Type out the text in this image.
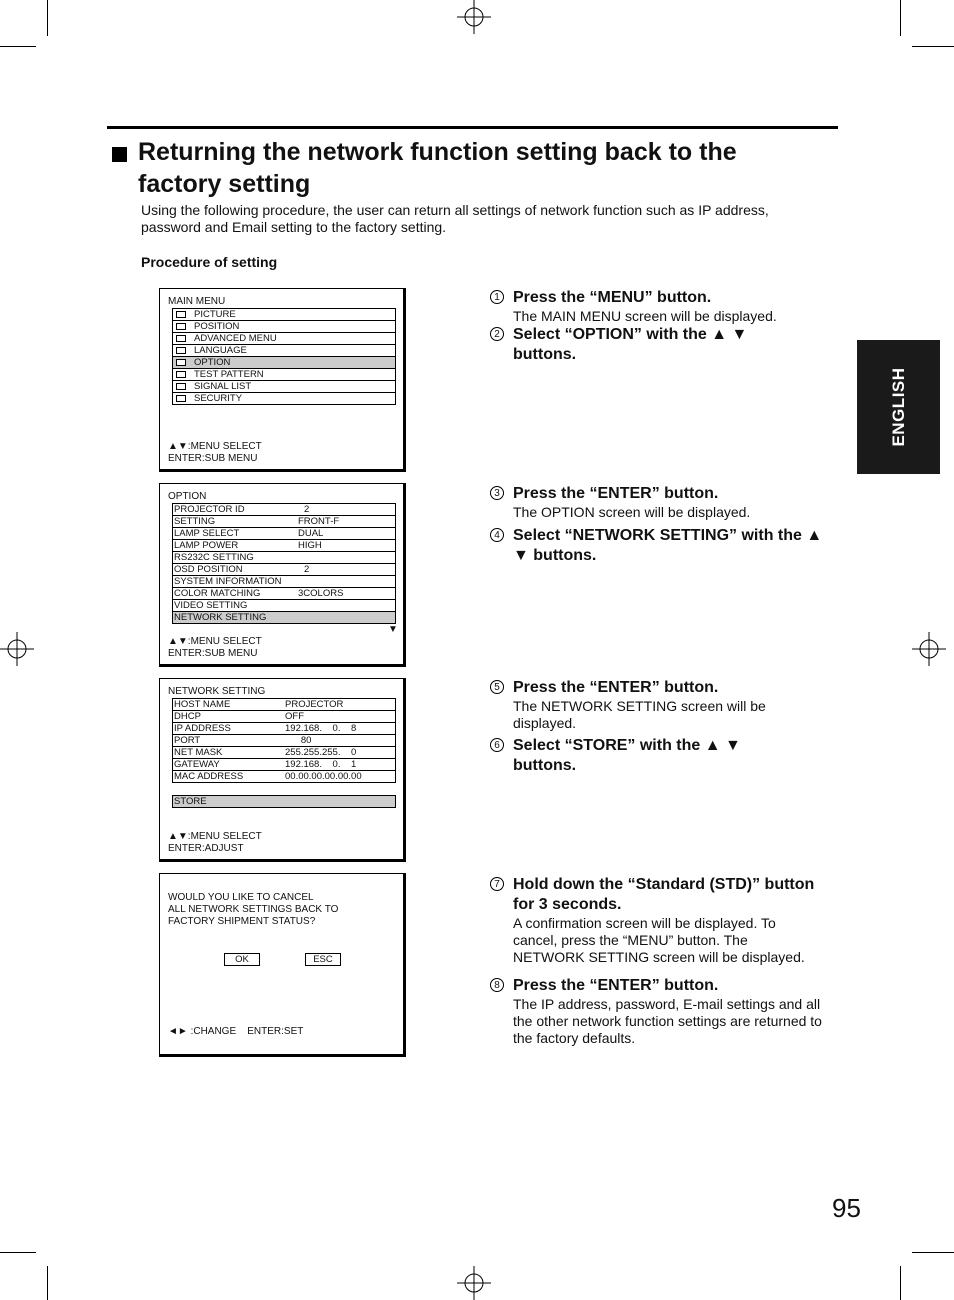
Returning the network function setting back to the
factory setting
Using the following procedure, the user can return all settings of network function such as IP address, password and Email setting to the factory setting.
Procedure of setting
ENGLISH
MAIN MENU
PICTURE
POSITION
ADVANCED MENU
LANGUAGE
OPTION
TEST PATTERN
SIGNAL LIST
SECURITY
▲▼:MENU SELECT
ENTER:SUB MENU
OPTION
PROJECTOR ID	2
SETTING	FRONT-F
LAMP SELECT	DUAL
LAMP POWER	HIGH
RS232C SETTING
OSD POSITION	2
SYSTEM INFORMATION
COLOR MATCHING	3COLORS
VIDEO SETTING
NETWORK SETTING
▼
▲▼:MENU SELECT
ENTER:SUB MENU
NETWORK SETTING
HOST NAME	PROJECTOR
DHCP	OFF
IP ADDRESS	192.168.    0.    8
PORT	80
NET MASK	255.255.255.    0
GATEWAY	192.168.    0.    1
MAC ADDRESS	00.00.00.00.00.00
STORE
▲▼:MENU SELECT
ENTER:ADJUST
WOULD YOU LIKE TO CANCEL
ALL NETWORK SETTINGS BACK TO
FACTORY SHIPMENT STATUS?
OK	ESC
◄► :CHANGE    ENTER:SET
1 Press the “MENU” button.
The MAIN MENU screen will be displayed.
2 Select “OPTION” with the ▲ ▼ buttons.
3 Press the “ENTER” button.
The OPTION screen will be displayed.
4 Select “NETWORK SETTING” with the ▲ ▼ buttons.
5 Press the “ENTER” button.
The NETWORK SETTING screen will be displayed.
6 Select “STORE” with the ▲ ▼ buttons.
7 Hold down the “Standard (STD)” button for 3 seconds.
A confirmation screen will be displayed. To cancel, press the “MENU” button. The NETWORK SETTING screen will be displayed.
8 Press the “ENTER” button.
The IP address, password, E-mail settings and all the other network function settings are returned to the factory defaults.
95
